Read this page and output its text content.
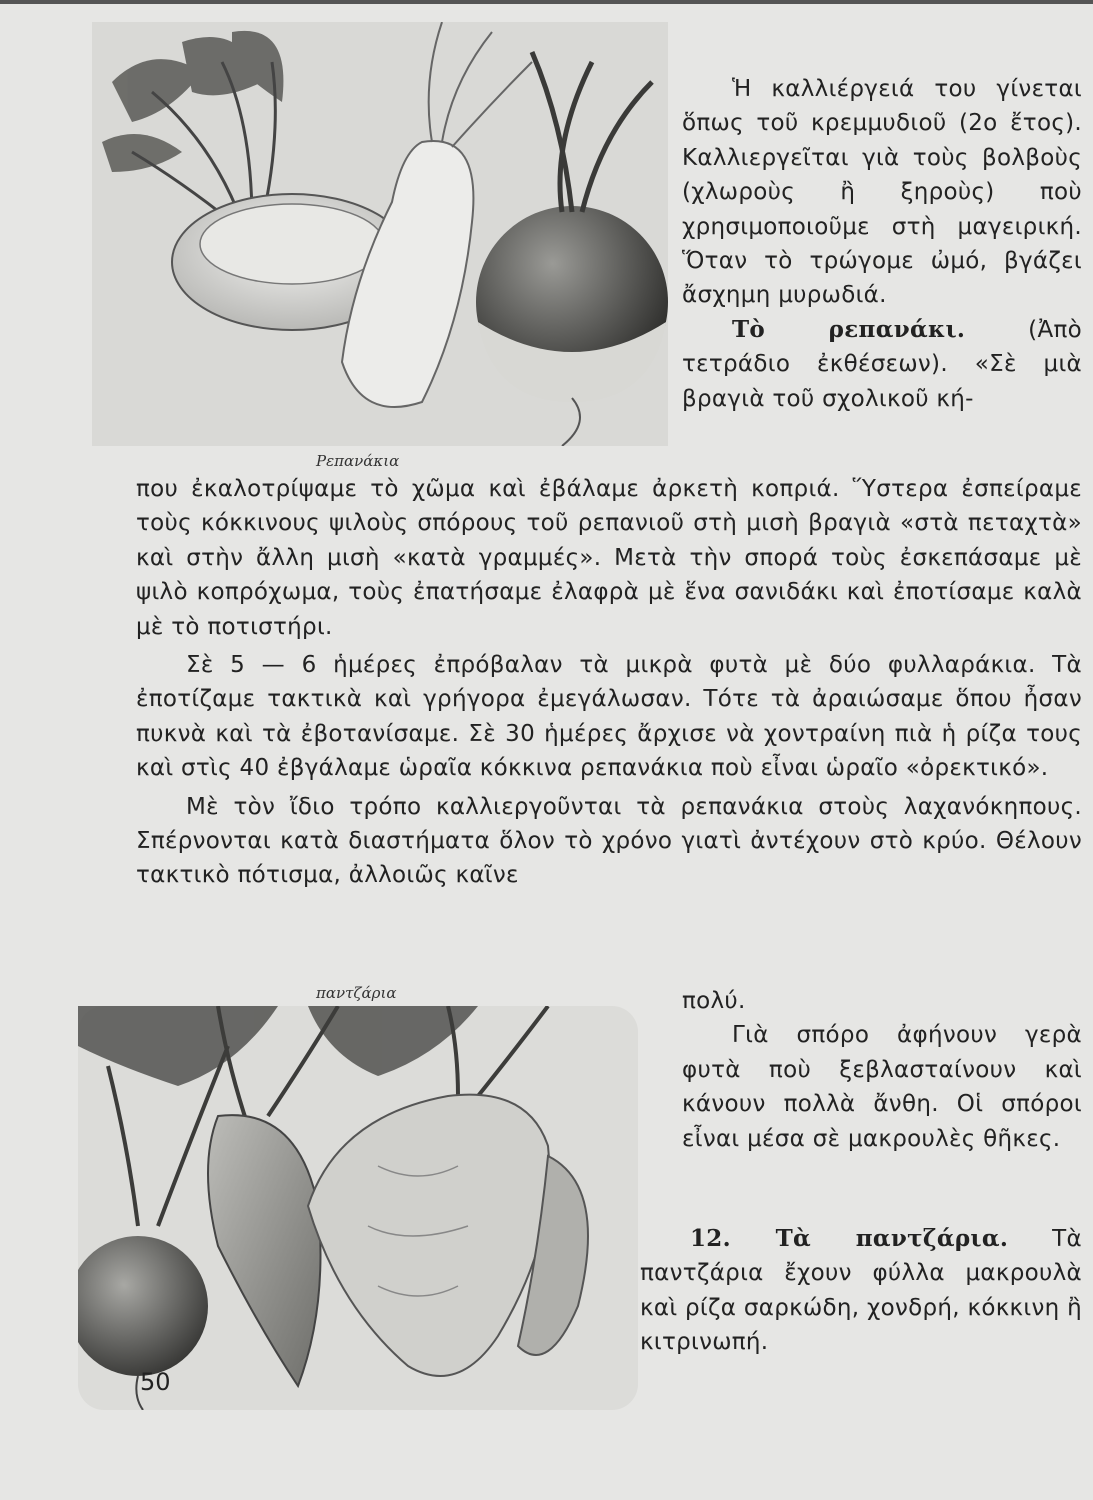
Ρεπανάκια
παντζάρια

Ἡ καλλιέργειά του γίνεται ὅπως τοῦ κρεμμυδιοῦ (2ο ἔτος). Καλλιεργεῖται γιὰ τοὺς βολβοὺς (χλωροὺς ἢ ξηροὺς) ποὺ χρησιμοποιοῦμε στὴ μαγειρική. Ὅταν τὸ τρώγομε ὠμό, βγάζει ἄσχημη μυρωδιά.

Τὸ ρεπανάκι. (Ἀπὸ τετράδιο ἐκθέσεων). «Σὲ μιὰ βραγιὰ τοῦ σχολικοῦ κή-

που ἐκαλοτρίψαμε τὸ χῶμα καὶ ἐβάλαμε ἀρκετὴ κοπριά. Ὕστερα ἐσπείραμε τοὺς κόκκινους ψιλοὺς σπόρους τοῦ ρεπανιοῦ στὴ μισὴ βραγιὰ «στὰ πεταχτὰ» καὶ στὴν ἄλλη μισὴ «κατὰ γραμμές». Μετὰ τὴν σπορά τοὺς ἐσκεπάσαμε μὲ ψιλὸ κοπρόχωμα, τοὺς ἐπατήσαμε ἐλαφρὰ μὲ ἕνα σανιδάκι καὶ ἐποτίσαμε καλὰ μὲ τὸ ποτιστήρι.

Σὲ 5 — 6 ἡμέρες ἐπρόβαλαν τὰ μικρὰ φυτὰ μὲ δύο φυλλαράκια. Τὰ ἐποτίζαμε τακτικὰ καὶ γρήγορα ἐμεγάλωσαν. Τότε τὰ ἀραιώσαμε ὅπου ἦσαν πυκνὰ καὶ τὰ ἐβοτανίσαμε. Σὲ 30 ἡμέρες ἄρχισε νὰ χοντραίνη πιὰ ἡ ρίζα τους καὶ στὶς 40 ἐβγάλαμε ὡραῖα κόκκινα ρεπανάκια ποὺ εἶναι ὡραῖο «ὀρεκτικό».

Μὲ τὸν ἴδιο τρόπο καλλιεργοῦνται τὰ ρεπανάκια στοὺς λαχανόκηπους. Σπέρνονται κατὰ διαστήματα ὅλον τὸ χρόνο γιατὶ ἀντέχουν στὸ κρύο. Θέλουν τακτικὸ πότισμα, ἀλλοιῶς καῖνε

πολύ.

Γιὰ σπόρο ἀφήνουν γερὰ φυτὰ ποὺ ξεβλασταίνουν καὶ κάνουν πολλὰ ἄνθη. Οἱ σπόροι εἶναι μέσα σὲ μακρουλὲς θῆκες.

12. Τὰ παντζάρια. Τὰ παντζάρια ἔχουν φύλλα μακρουλὰ καὶ ρίζα σαρκώδη, χονδρή, κόκκινη ἢ κιτρινωπή.

50
